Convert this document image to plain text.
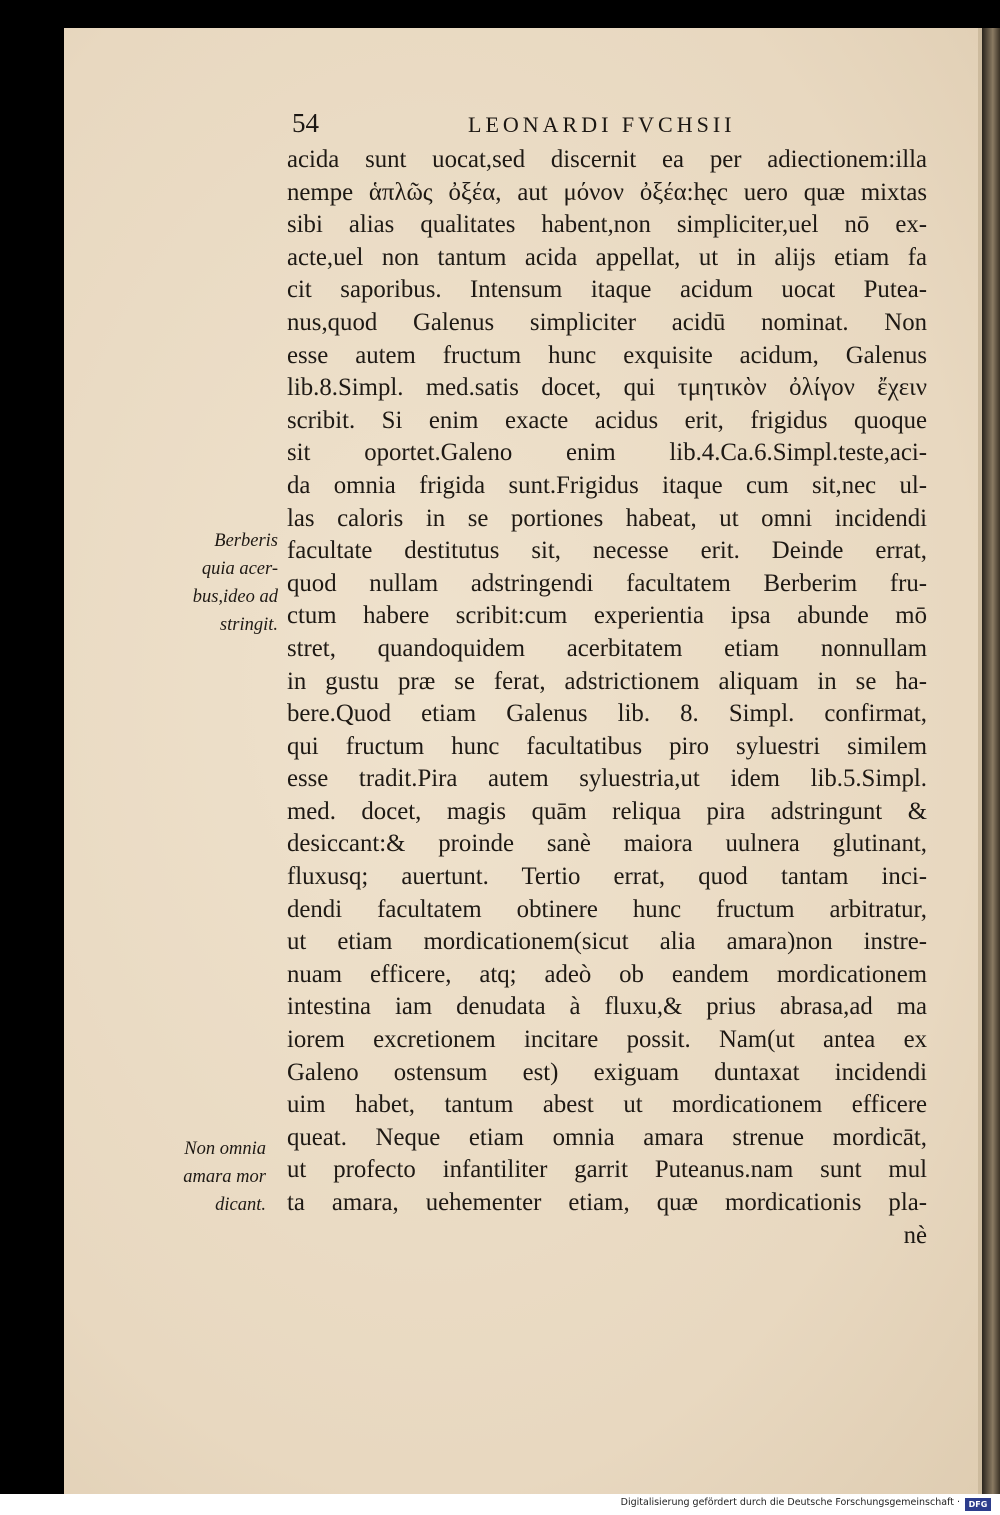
54	LEONARDI FVCHSII
acida sunt uocat,sed discernit ea per adiectionem:illa
nempe ἁπλῶς ὀξέα, aut μόνον ὀξέα:hęc uero quæ mixtas
sibi alias qualitates habent,non simpliciter,uel nō ex-
acte,uel non tantum acida appellat, ut in alijs etiam fa
cit saporibus. Intensum itaque acidum uocat Putea-
nus,quod Galenus simpliciter acidū nominat. Non
esse autem fructum hunc exquisite acidum, Galenus
lib.8.Simpl. med.satis docet, qui τμητικὸν ὀλίγον ἔχειν
scribit. Si enim exacte acidus erit, frigidus quoque
sit oportet.Galeno enim lib.4.Ca.6.Simpl.teste,aci-
da omnia frigida sunt.Frigidus itaque cum sit,nec ul-
las caloris in se portiones habeat, ut omni incidendi
facultate destitutus sit, necesse erit. Deinde errat,
quod nullam adstringendi facultatem Berberim fru-
ctum habere scribit:cum experientia ipsa abunde mō
stret, quandoquidem acerbitatem etiam nonnullam
in gustu præ se ferat, adstrictionem aliquam in se ha-
bere.Quod etiam Galenus lib. 8. Simpl. confirmat,
qui fructum hunc facultatibus piro syluestri similem
esse tradit.Pira autem syluestria,ut idem lib.5.Simpl.
med. docet, magis quām reliqua pira adstringunt &
desiccant:& proinde sanè maiora uulnera glutinant,
fluxusq; auertunt. Tertio errat, quod tantam inci-
dendi facultatem obtinere hunc fructum arbitratur,
ut etiam mordicationem(sicut alia amara)non instre-
nuam efficere, atq; adeò ob eandem mordicationem
intestina iam denudata à fluxu,& prius abrasa,ad ma
iorem excretionem incitare possit. Nam(ut antea ex
Galeno ostensum est) exiguam duntaxat incidendi
uim habet, tantum abest ut mordicationem efficere
queat. Neque etiam omnia amara strenue mordicāt,
ut profecto infantiliter garrit Puteanus.nam sunt mul
ta amara, uehementer etiam, quæ mordicationis pla-
nè
Berberis
quia acer-
bus,ideo ad
stringit.
Non omnia
amara mor
dicant.
Digitalisierung gefördert durch die Deutsche Forschungsgemeinschaft ·	DFG
